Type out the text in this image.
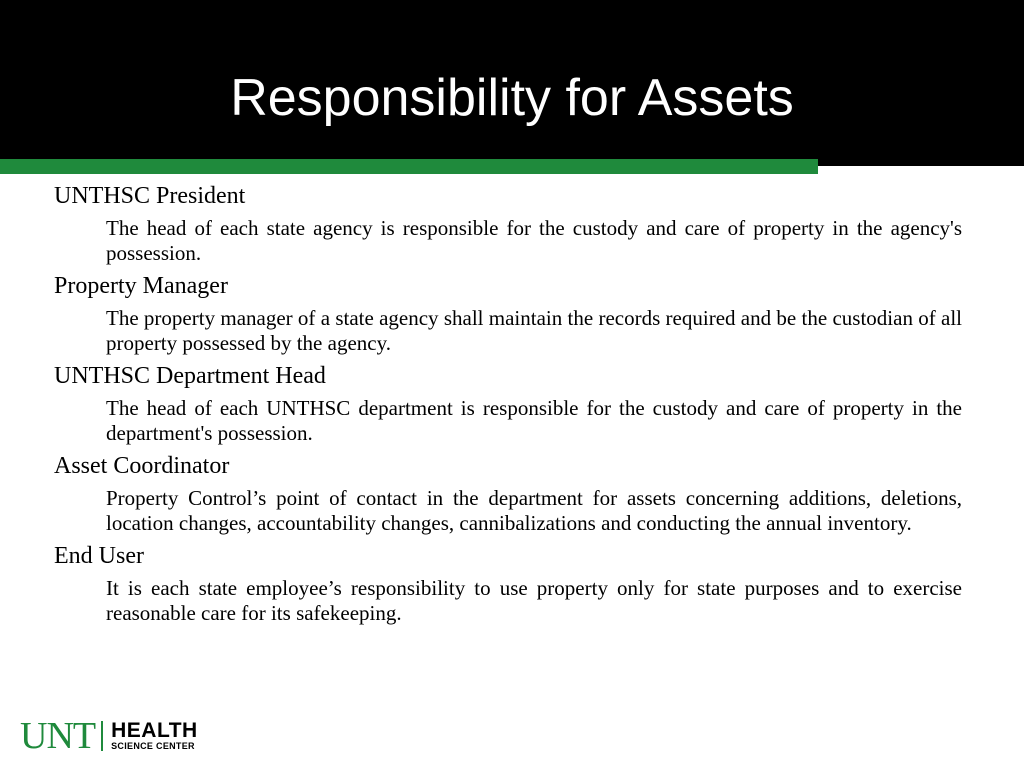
Responsibility for Assets

UNTHSC President

The head of each state agency is responsible for the custody and care of property in the agency's possession.

Property Manager

The property manager of a state agency shall maintain the records required and be the custodian of all property possessed by the agency.

UNTHSC Department Head

The head of each UNTHSC department is responsible for the custody and care of property in the department's possession.

Asset Coordinator

Property Control’s point of contact in the department for assets concerning additions, deletions, location changes, accountability changes, cannibalizations and conducting the annual inventory.

End User

It is each state employee’s responsibility to use property only for state purposes and to exercise reasonable care for its safekeeping.

UNT HEALTH
SCIENCE CENTER
